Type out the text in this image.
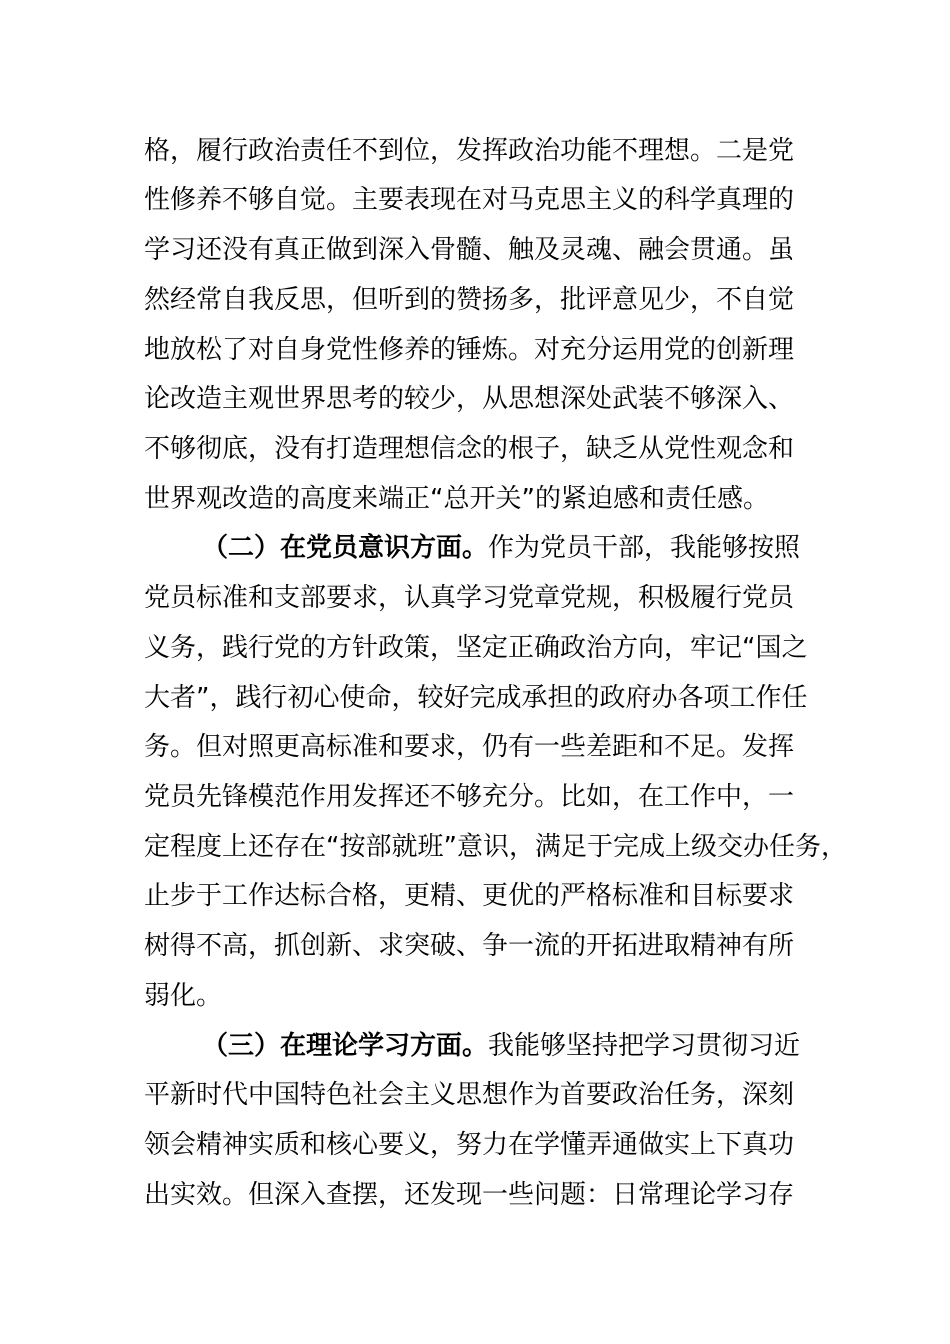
格，履行政治责任不到位，发挥政治功能不理想。二是党
性修养不够自觉。主要表现在对马克思主义的科学真理的
学习还没有真正做到深入骨髓、触及灵魂、融会贯通。虽
然经常自我反思，但听到的赞扬多，批评意见少，不自觉
地放松了对自身党性修养的锤炼。对充分运用党的创新理
论改造主观世界思考的较少，从思想深处武装不够深入、
不够彻底，没有打造理想信念的根子，缺乏从党性观念和
世界观改造的高度来端正“总开关”的紧迫感和责任感。
（二）在党员意识方面。作为党员干部，我能够按照
党员标准和支部要求，认真学习党章党规，积极履行党员
义务，践行党的方针政策，坚定正确政治方向，牢记“国之
大者”，践行初心使命，较好完成承担的政府办各项工作任
务。但对照更高标准和要求，仍有一些差距和不足。发挥
党员先锋模范作用发挥还不够充分。比如，在工作中，一
定程度上还存在“按部就班”意识，满足于完成上级交办任务，
止步于工作达标合格，更精、更优的严格标准和目标要求
树得不高，抓创新、求突破、争一流的开拓进取精神有所
弱化。
（三）在理论学习方面。我能够坚持把学习贯彻习近
平新时代中国特色社会主义思想作为首要政治任务，深刻
领会精神实质和核心要义，努力在学懂弄通做实上下真功
出实效。但深入查摆，还发现一些问题：日常理论学习存
